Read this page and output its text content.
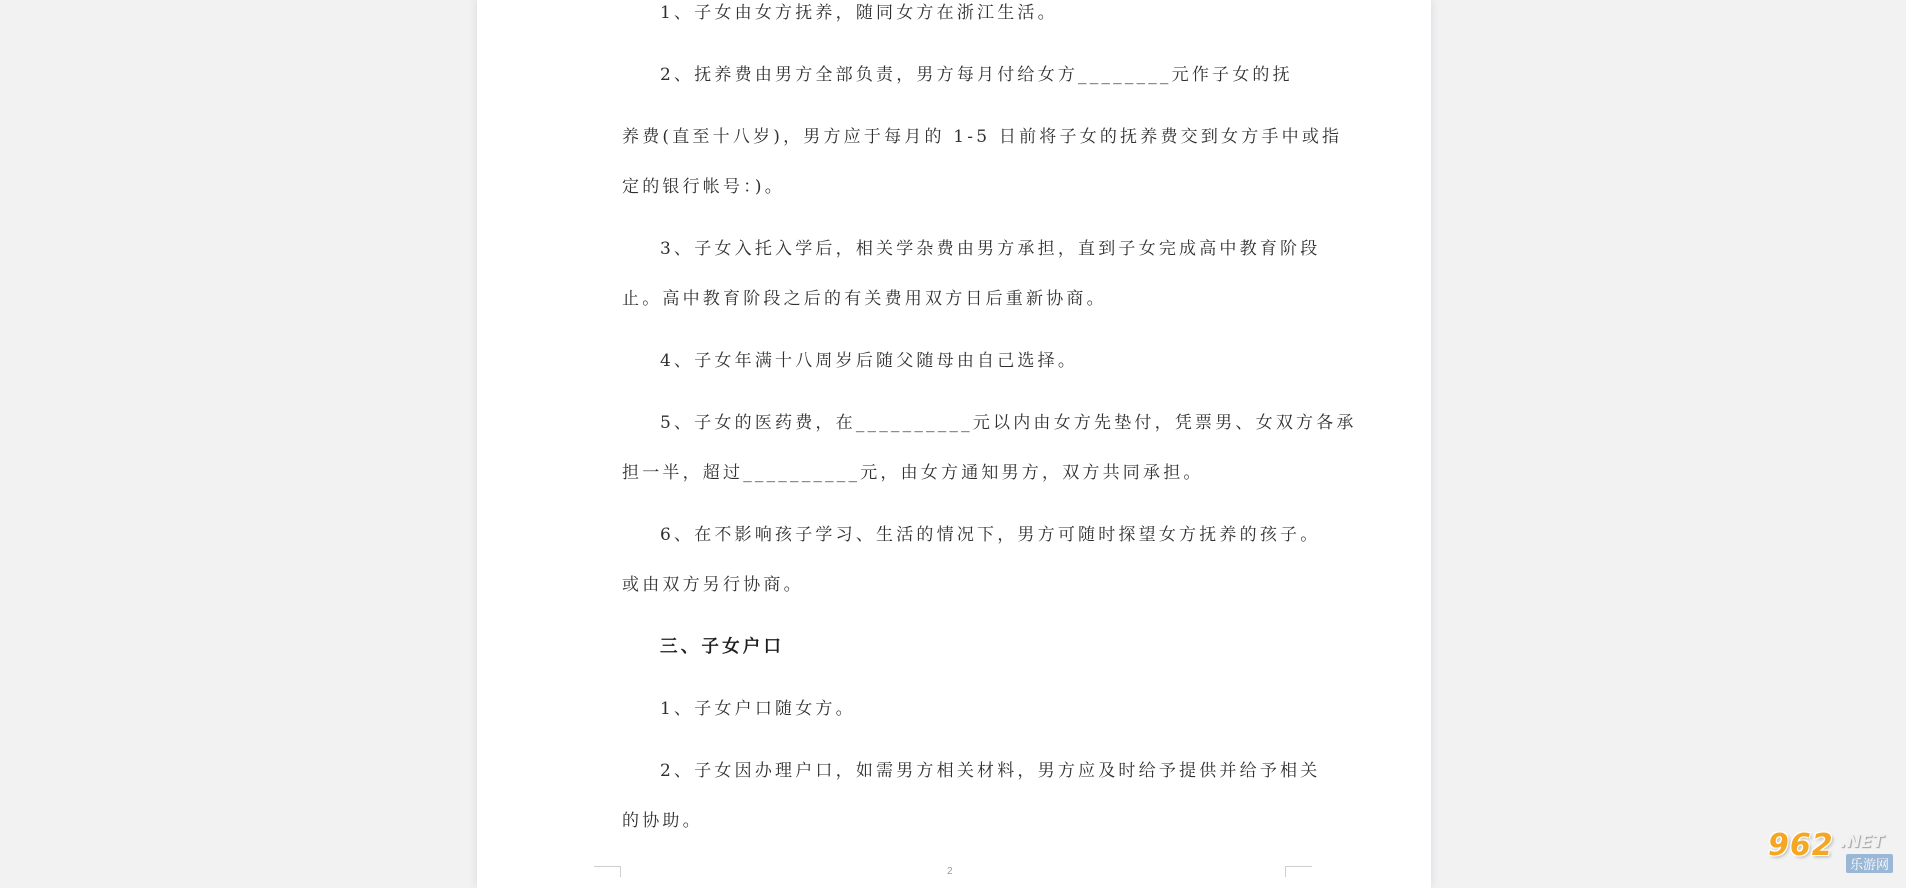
1、子女由女方抚养，随同女方在浙江生活。

2、抚养费由男方全部负责，男方每月付给女方________元作子女的抚

养费(直至十八岁)，男方应于每月的 1-5 日前将子女的抚养费交到女方手中或指

定的银行帐号：)。

3、子女入托入学后，相关学杂费由男方承担，直到子女完成高中教育阶段

止。高中教育阶段之后的有关费用双方日后重新协商。

4、子女年满十八周岁后随父随母由自己选择。

5、子女的医药费，在__________元以内由女方先垫付，凭票男、女双方各承

担一半，超过__________元，由女方通知男方，双方共同承担。

6、在不影响孩子学习、生活的情况下，男方可随时探望女方抚养的孩子。

或由双方另行协商。

三、子女户口

1、子女户口随女方。

2、子女因办理户口，如需男方相关材料，男方应及时给予提供并给予相关

的协助。

2
962 .NET
乐游网
